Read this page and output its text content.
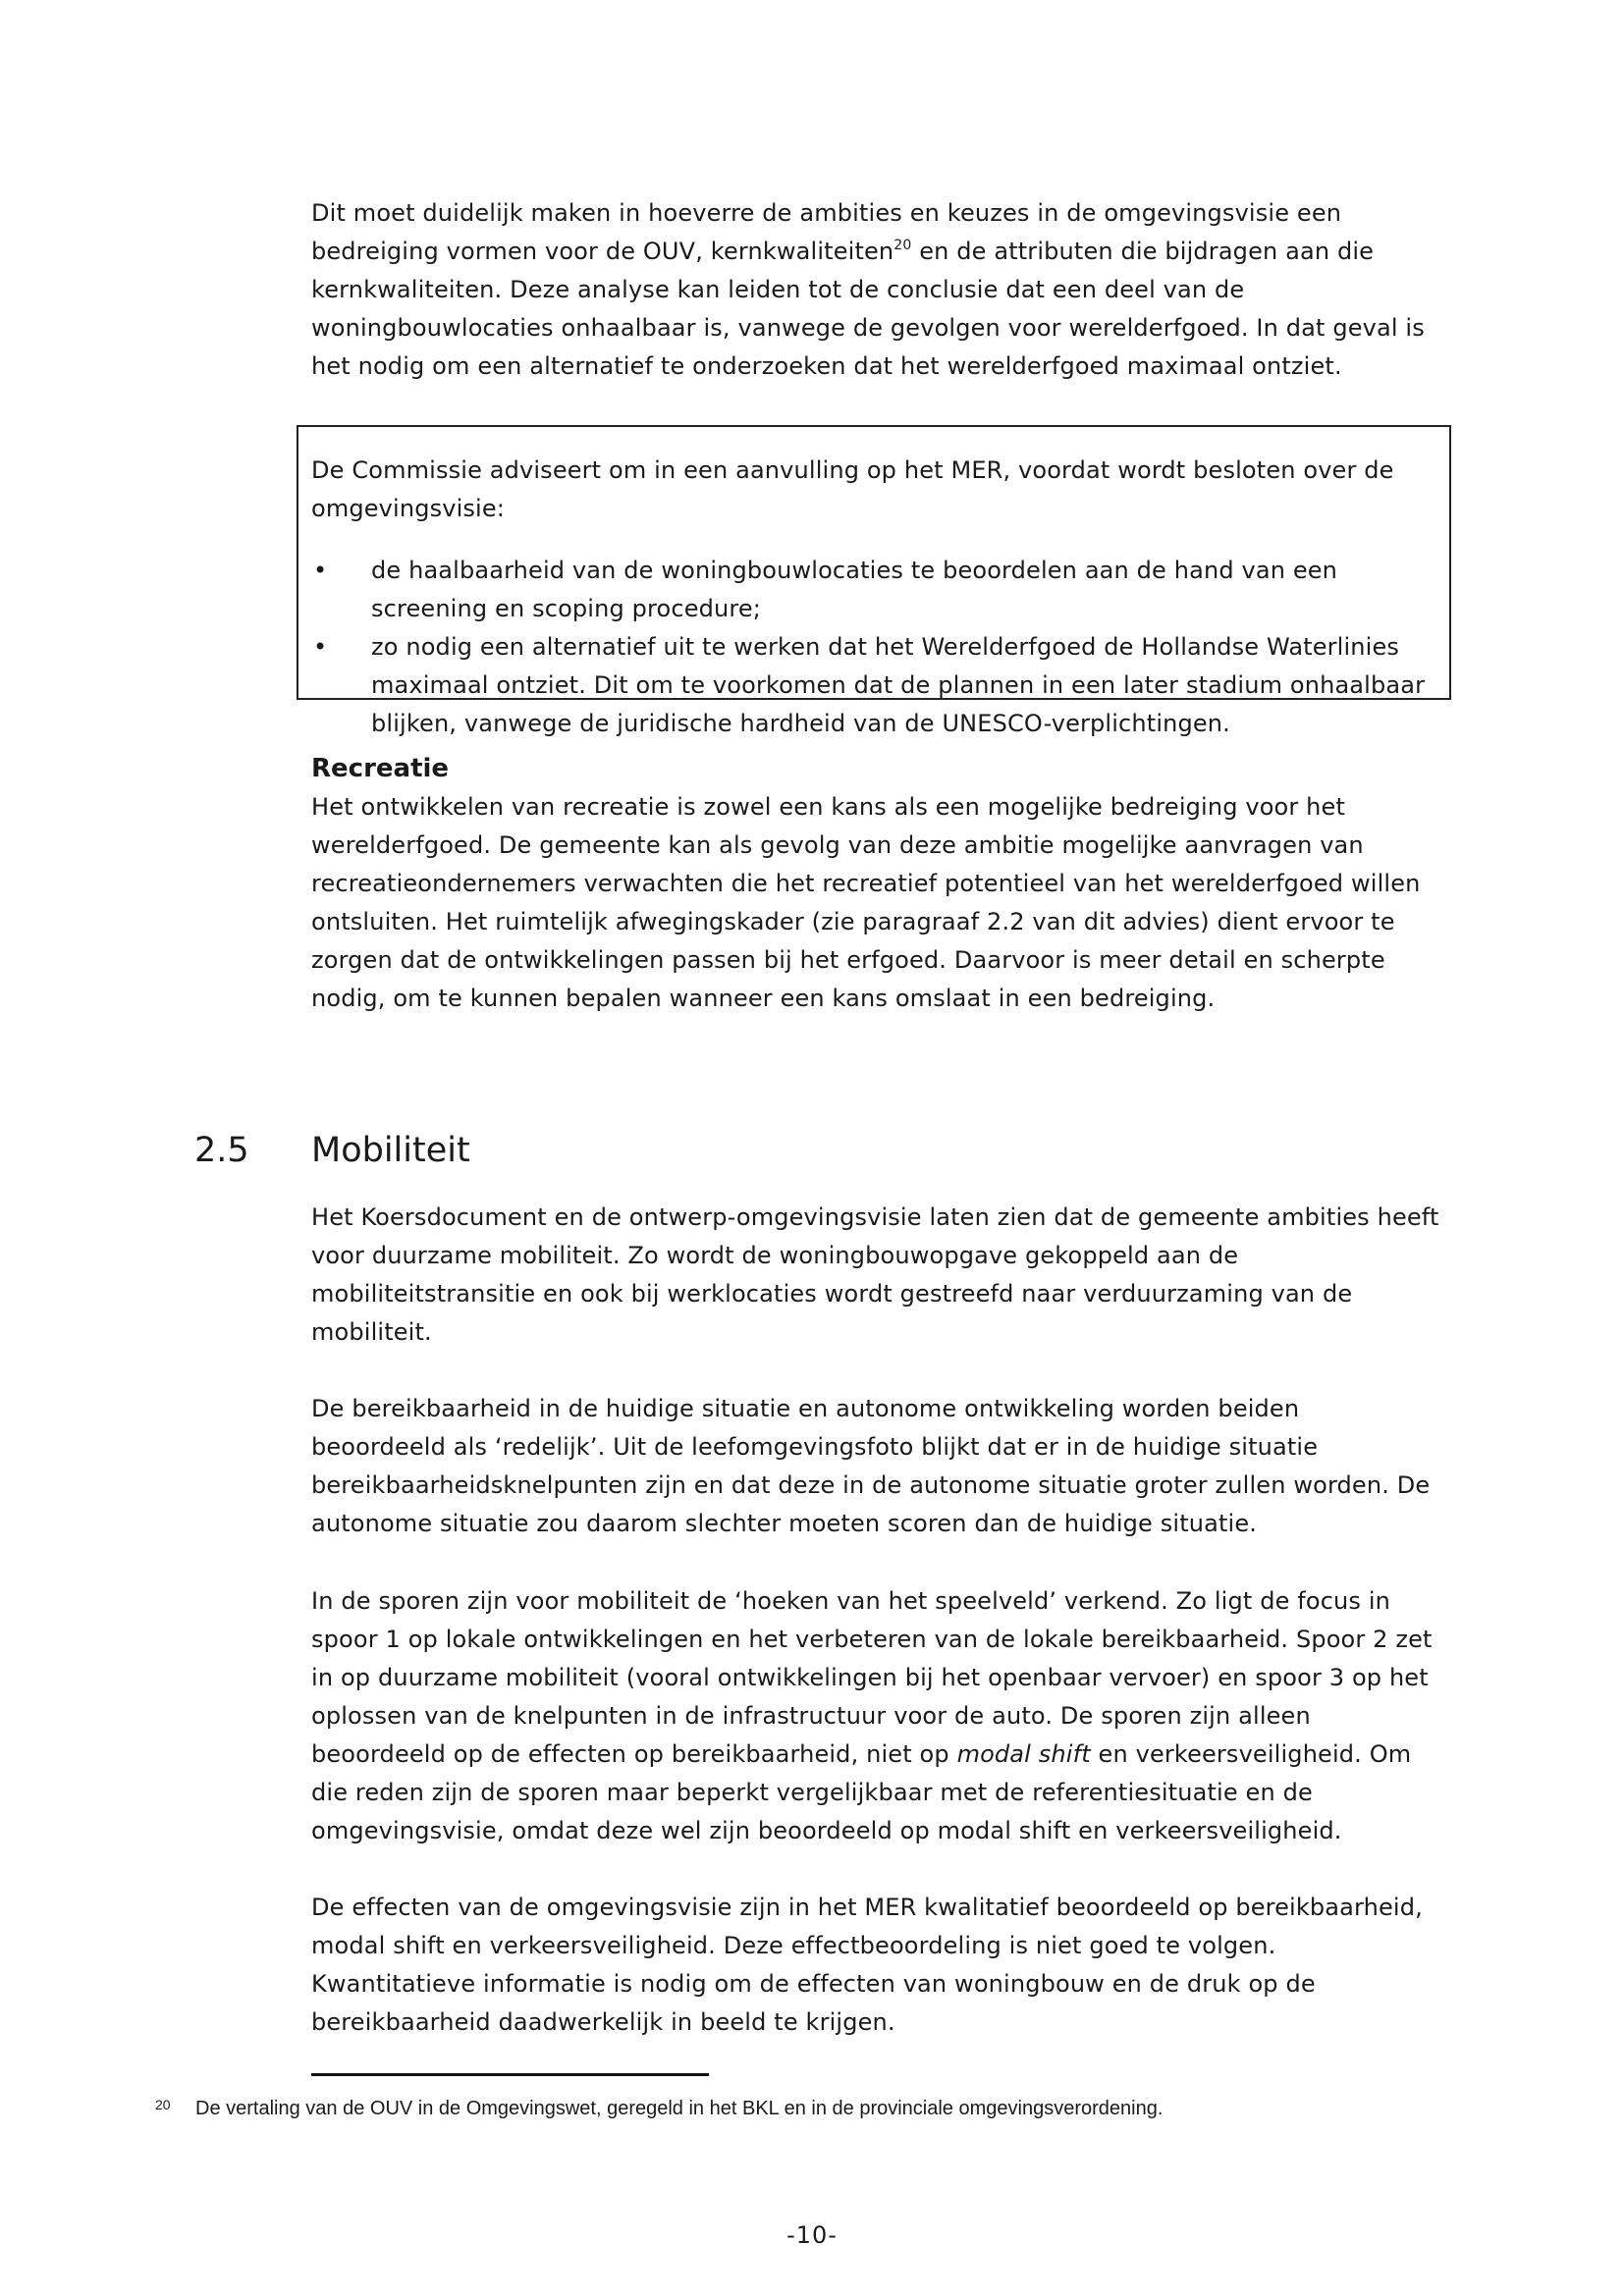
Dit moet duidelijk maken in hoeverre de ambities en keuzes in de omgevingsvisie een bedreiging vormen voor de OUV, kernkwaliteiten$^{20}$ en de attributen die bijdragen aan die kernkwaliteiten. Deze analyse kan leiden tot de conclusie dat een deel van de woningbouwlocaties onhaalbaar is, vanwege de gevolgen voor werelderfgoed. In dat geval is het nodig om een alternatief te onderzoeken dat het werelderfgoed maximaal ontziet.

De Commissie adviseert om in een aanvulling op het MER, voordat wordt besloten over de omgevingsvisie:

• de haalbaarheid van de woningbouwlocaties te beoordelen aan de hand van een screening en scoping procedure;
• zo nodig een alternatief uit te werken dat het Werelderfgoed de Hollandse Waterlinies maximaal ontziet. Dit om te voorkomen dat de plannen in een later stadium onhaalbaar blijken, vanwege de juridische hardheid van de UNESCO-verplichtingen.
Recreatie

Het ontwikkelen van recreatie is zowel een kans als een mogelijke bedreiging voor het werelderfgoed. De gemeente kan als gevolg van deze ambitie mogelijke aanvragen van recreatieondernemers verwachten die het recreatief potentieel van het werelderfgoed willen ontsluiten. Het ruimtelijk afwegingskader (zie paragraaf 2.2 van dit advies) dient ervoor te zorgen dat de ontwikkelingen passen bij het erfgoed. Daarvoor is meer detail en scherpte nodig, om te kunnen bepalen wanneer een kans omslaat in een bedreiging.

2.5 Mobiliteit

Het Koersdocument en de ontwerp-omgevingsvisie laten zien dat de gemeente ambities heeft voor duurzame mobiliteit. Zo wordt de woningbouwopgave gekoppeld aan de mobiliteitstransitie en ook bij werklocaties wordt gestreefd naar verduurzaming van de mobiliteit.

De bereikbaarheid in de huidige situatie en autonome ontwikkeling worden beiden beoordeeld als ‘redelijk’. Uit de leefomgevingsfoto blijkt dat er in de huidige situatie bereikbaarheidsknelpunten zijn en dat deze in de autonome situatie groter zullen worden. De autonome situatie zou daarom slechter moeten scoren dan de huidige situatie.

In de sporen zijn voor mobiliteit de ‘hoeken van het speelveld’ verkend. Zo ligt de focus in spoor 1 op lokale ontwikkelingen en het verbeteren van de lokale bereikbaarheid. Spoor 2 zet in op duurzame mobiliteit (vooral ontwikkelingen bij het openbaar vervoer) en spoor 3 op het oplossen van de knelpunten in de infrastructuur voor de auto. De sporen zijn alleen beoordeeld op de effecten op bereikbaarheid, niet op modal shift en verkeersveiligheid. Om die reden zijn de sporen maar beperkt vergelijkbaar met de referentiesituatie en de omgevingsvisie, omdat deze wel zijn beoordeeld op modal shift en verkeersveiligheid.

De effecten van de omgevingsvisie zijn in het MER kwalitatief beoordeeld op bereikbaarheid, modal shift en verkeersveiligheid. Deze effectbeoordeling is niet goed te volgen. Kwantitatieve informatie is nodig om de effecten van woningbouw en de druk op de bereikbaarheid daadwerkelijk in beeld te krijgen.

20 De vertaling van de OUV in de Omgevingswet, geregeld in het BKL en in de provinciale omgevingsverordening.
-10-
